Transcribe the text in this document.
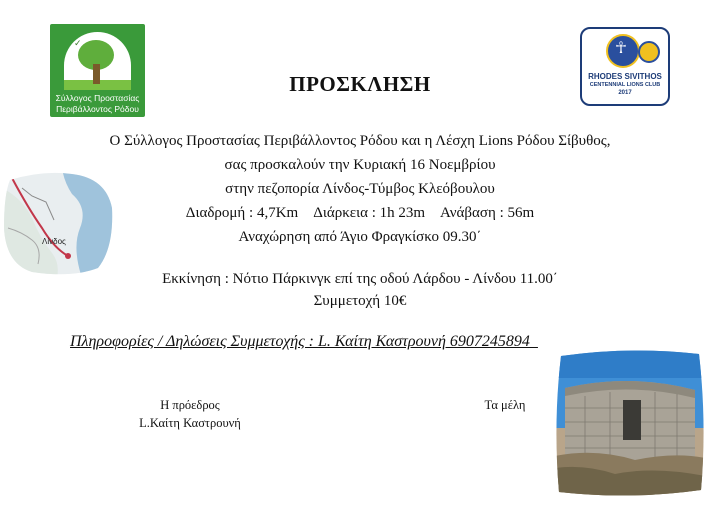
✓
Σύλλογος Προστασίας
Περιβάλλοντος Ρόδου
☥
RHODES SIVITHOS
CENTENNIAL LIONS CLUB
2017
ΠΡΟΣΚΛΗΣΗ
Ο Σύλλογος Προστασίας Περιβάλλοντος Ρόδου και η Λέσχη Lions Ρόδου Σίβυθος,
σας προσκαλούν την Κυριακή 16 Νοεμβρίου
στην πεζοπορία Λίνδος-Τύμβος Κλεόβουλου
Διαδρομή : 4,7Km    Διάρκεια : 1h 23m    Ανάβαση : 56m
Αναχώρηση από Άγιο Φραγκίσκο 09.30΄
Εκκίνηση : Νότιο Πάρκινγκ επί της οδού Λάρδου - Λίνδου 11.00΄
Συμμετοχή 10€
Πληροφορίες / Δηλώσεις Συμμετοχής : L. Καίτη Καστρουνή 6907245894
Η πρόεδρος
L.Καίτη Καστρουνή
Τα μέλη
Λίνδος
